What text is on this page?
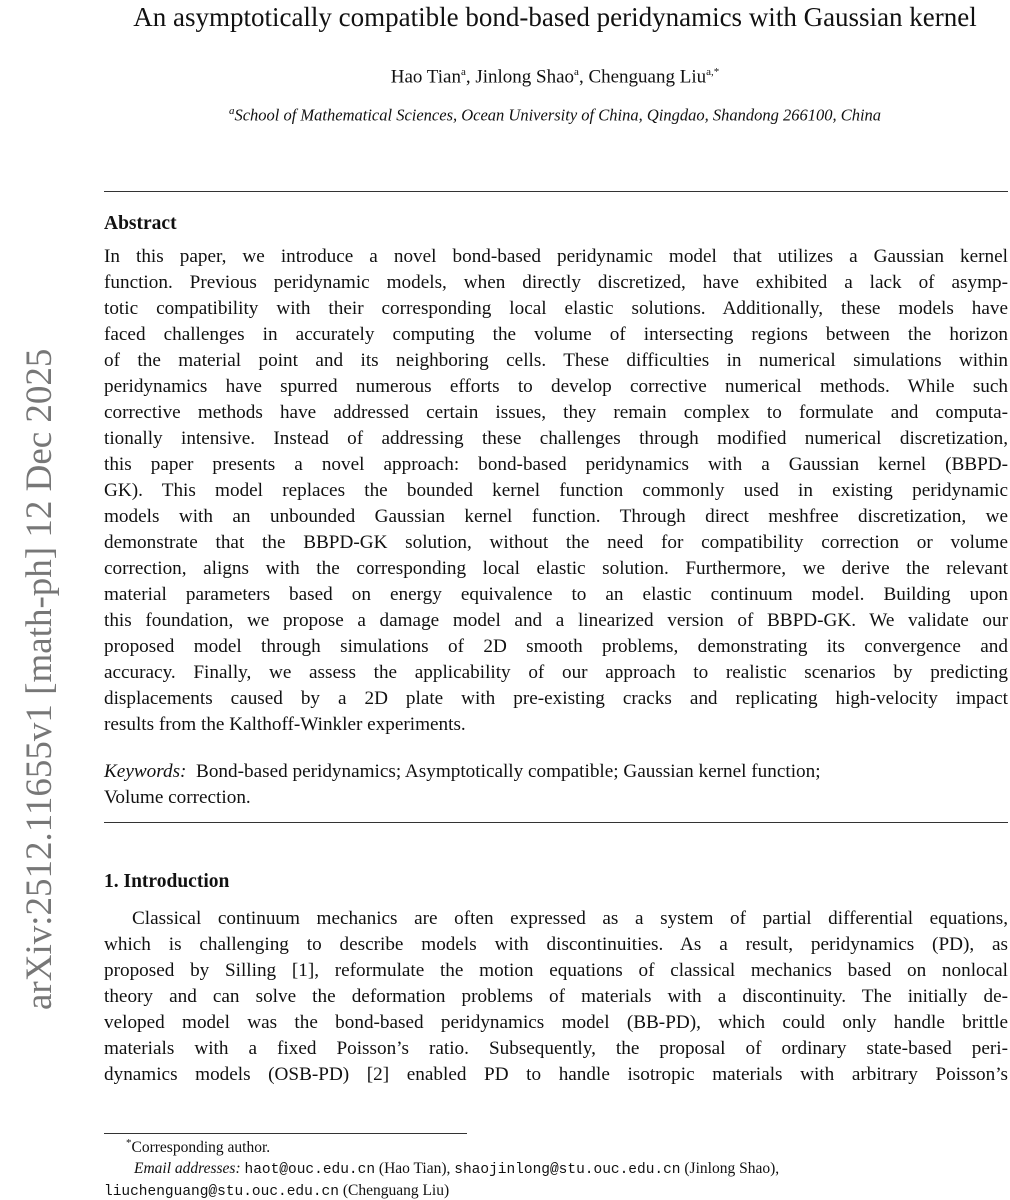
arXiv:2512.11655v1 [math-ph] 12 Dec 2025
An asymptotically compatible bond-based peridynamics with Gaussian kernel
Hao Tian$^a$, Jinlong Shao$^a$, Chenguang Liu$^{a,*}$
$^a$School of Mathematical Sciences, Ocean University of China, Qingdao, Shandong 266100, China
Abstract
In this paper, we introduce a novel bond-based peridynamic model that utilizes a Gaussian kernel
function. Previous peridynamic models, when directly discretized, have exhibited a lack of asymp-
totic compatibility with their corresponding local elastic solutions. Additionally, these models have
faced challenges in accurately computing the volume of intersecting regions between the horizon
of the material point and its neighboring cells. These difficulties in numerical simulations within
peridynamics have spurred numerous efforts to develop corrective numerical methods. While such
corrective methods have addressed certain issues, they remain complex to formulate and computa-
tionally intensive. Instead of addressing these challenges through modified numerical discretization,
this paper presents a novel approach: bond-based peridynamics with a Gaussian kernel (BBPD-
GK). This model replaces the bounded kernel function commonly used in existing peridynamic
models with an unbounded Gaussian kernel function. Through direct meshfree discretization, we
demonstrate that the BBPD-GK solution, without the need for compatibility correction or volume
correction, aligns with the corresponding local elastic solution. Furthermore, we derive the relevant
material parameters based on energy equivalence to an elastic continuum model. Building upon
this foundation, we propose a damage model and a linearized version of BBPD-GK. We validate our
proposed model through simulations of 2D smooth problems, demonstrating its convergence and
accuracy. Finally, we assess the applicability of our approach to realistic scenarios by predicting
displacements caused by a 2D plate with pre-existing cracks and replicating high-velocity impact
results from the Kalthoff-Winkler experiments.
Keywords: Bond-based peridynamics; Asymptotically compatible; Gaussian kernel function;
Volume correction.
1. Introduction
Classical continuum mechanics are often expressed as a system of partial differential equations,
which is challenging to describe models with discontinuities. As a result, peridynamics (PD), as
proposed by Silling [1], reformulate the motion equations of classical mechanics based on nonlocal
theory and can solve the deformation problems of materials with a discontinuity. The initially de-
veloped model was the bond-based peridynamics model (BB-PD), which could only handle brittle
materials with a fixed Poisson’s ratio. Subsequently, the proposal of ordinary state-based peri-
dynamics models (OSB-PD) [2] enabled PD to handle isotropic materials with arbitrary Poisson’s
*Corresponding author.
Email addresses: haot@ouc.edu.cn (Hao Tian), shaojinlong@stu.ouc.edu.cn (Jinlong Shao),
liuchenguang@stu.ouc.edu.cn (Chenguang Liu)
